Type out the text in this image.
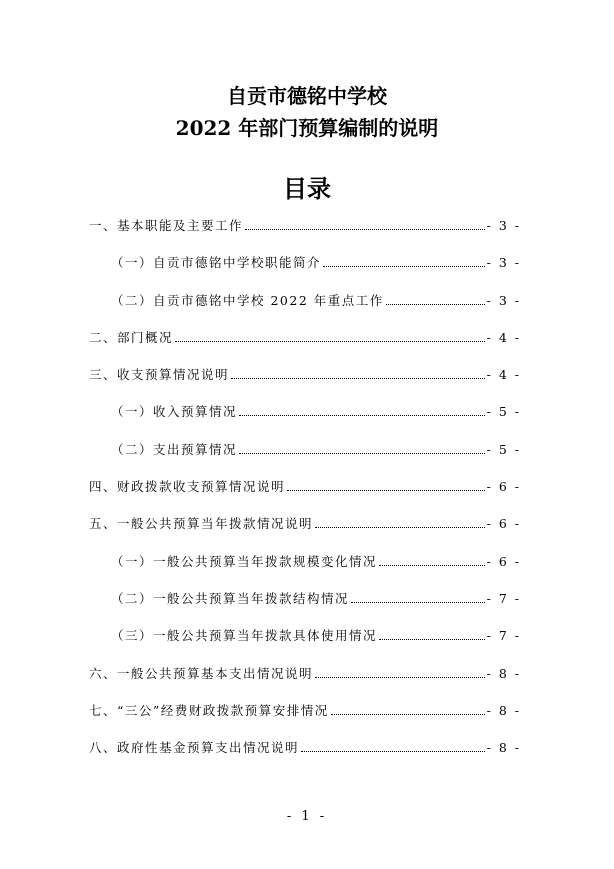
自贡市德铭中学校

2022 年部门预算编制的说明

目录

一、基本职能及主要工作	- 3 -
（一）自贡市德铭中学校职能简介	- 3 -
（二）自贡市德铭中学校 2022 年重点工作	- 3 -
二、部门概况	- 4 -
三、收支预算情况说明	- 4 -
（一）收入预算情况	- 5 -
（二）支出预算情况	- 5 -
四、财政拨款收支预算情况说明	- 6 -
五、一般公共预算当年拨款情况说明	- 6 -
（一）一般公共预算当年拨款规模变化情况	- 6 -
（二）一般公共预算当年拨款结构情况	- 7 -
（三）一般公共预算当年拨款具体使用情况	- 7 -
六、一般公共预算基本支出情况说明	- 8 -
七、“三公”经费财政拨款预算安排情况	- 8 -
八、政府性基金预算支出情况说明	- 8 -
- 1 -
